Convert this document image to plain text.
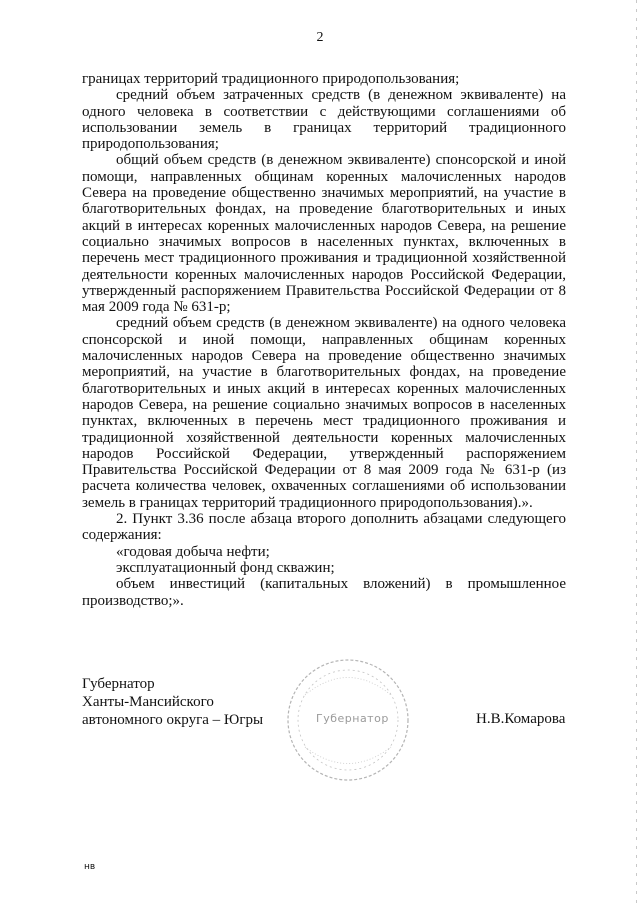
2

границах территорий традиционного природопользования;

средний объем затраченных средств (в денежном эквиваленте) на одного человека в соответствии с действующими соглашениями об использовании земель в границах территорий традиционного природопользования;

общий объем средств (в денежном эквиваленте) спонсорской и иной помощи, направленных общинам коренных малочисленных народов Севера на проведение общественно значимых мероприятий, на участие в благотворительных фондах, на проведение благотворительных и иных акций в интересах коренных малочисленных народов Севера, на решение социально значимых вопросов в населенных пунктах, включенных в перечень мест традиционного проживания и традиционной хозяйственной деятельности коренных малочисленных народов Российской Федерации, утвержденный распоряжением Правительства Российской Федерации от 8 мая 2009 года № 631-р;

средний объем средств (в денежном эквиваленте) на одного человека спонсорской и иной помощи, направленных общинам коренных малочисленных народов Севера на проведение общественно значимых мероприятий, на участие в благотворительных фондах, на проведение благотворительных и иных акций в интересах коренных малочисленных народов Севера, на решение социально значимых вопросов в населенных пунктах, включенных в перечень мест традиционного проживания и традиционной хозяйственной деятельности коренных малочисленных народов Российской Федерации, утвержденный распоряжением Правительства Российской Федерации от 8 мая 2009 года № 631-р (из расчета количества человек, охваченных соглашениями об использовании земель в границах территорий традиционного природопользования).».

2. Пункт 3.36 после абзаца второго дополнить абзацами следующего содержания:

«годовая добыча нефти;

эксплуатационный фонд скважин;

объем инвестиций (капитальных вложений) в промышленное производство;».

Губернатор
Ханты-Мансийского
автономного округа – Югры	Губернатор	Н.В.Комарова
нв
